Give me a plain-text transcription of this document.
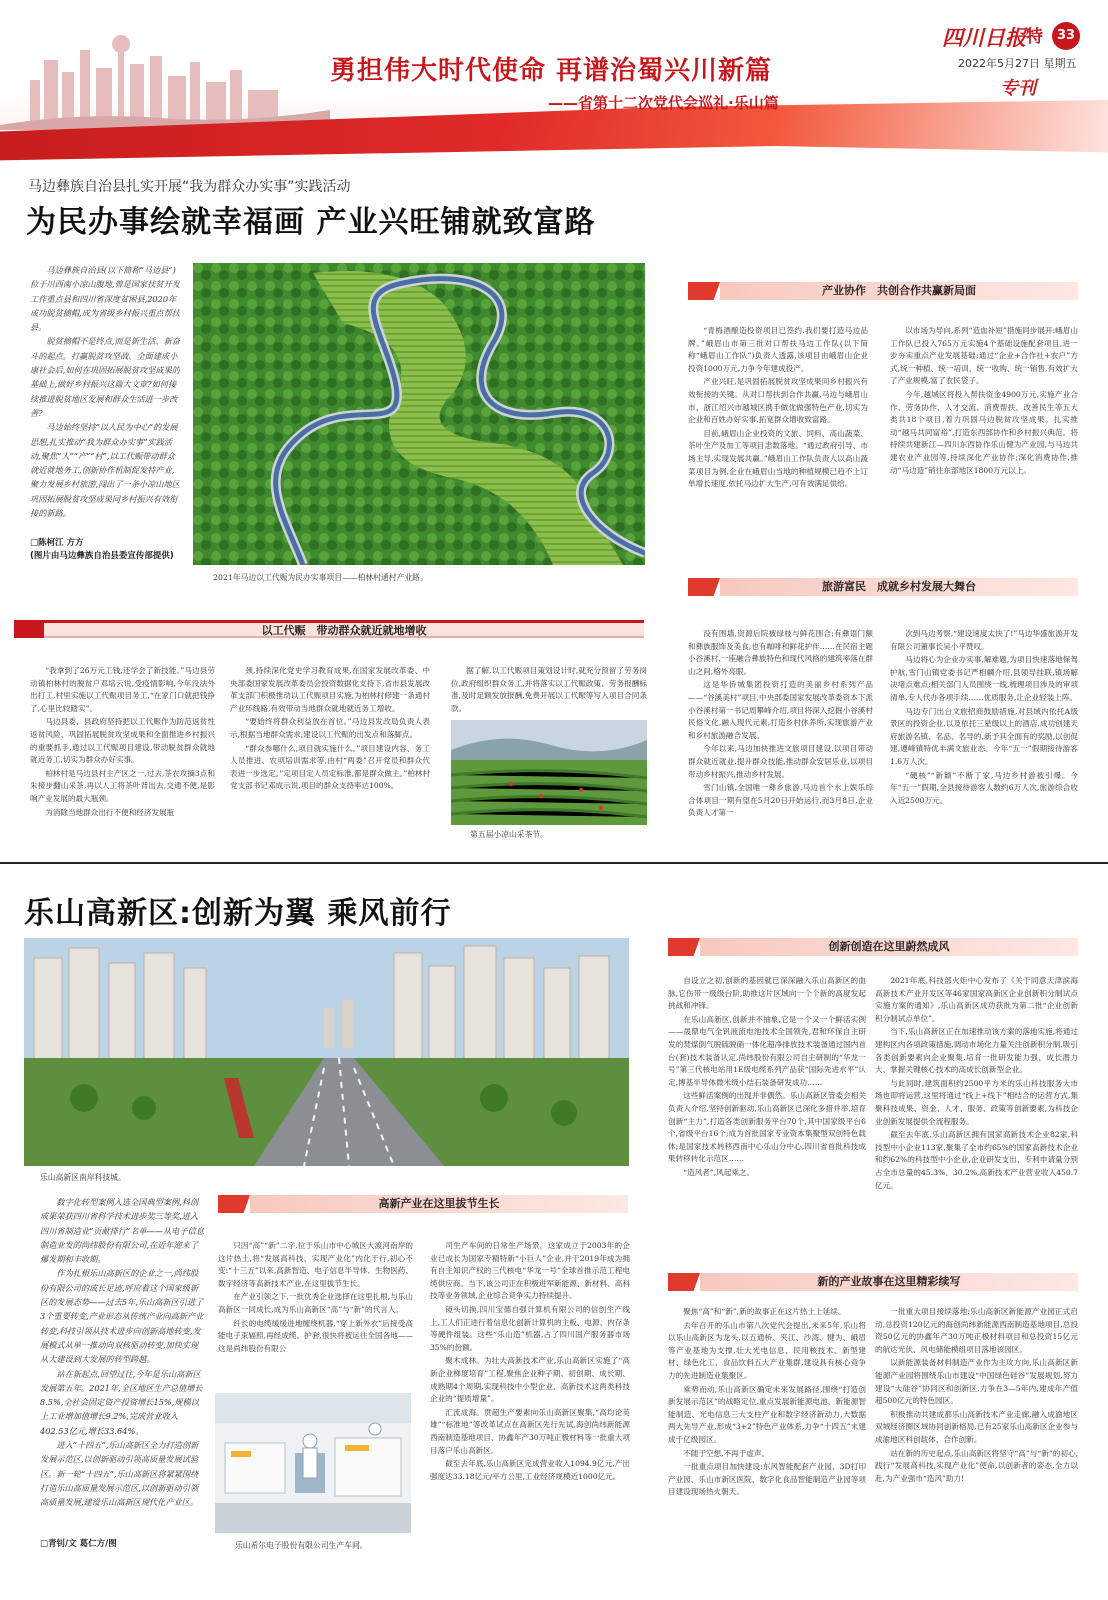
勇担伟大时代使命 再谱治蜀兴川新篇
——省第十二次党代会巡礼·乐山篇
四川日报 特	33
2022年5月27日 星期五
专刊
马边彝族自治县扎实开展“我为群众办实事”实践活动
为民办事绘就幸福画 产业兴旺铺就致富路

马边彝族自治县(以下简称“马边县”)位于川西南小凉山腹地,曾是国家扶贫开发工作重点县和四川省深度贫困县,2020年成功脱贫摘帽,成为省级乡村振兴重点帮扶县。

脱贫摘帽不是终点,而是新生活、新奋斗的起点。打赢脱贫攻坚战、全面建成小康社会后,如何在巩固拓展脱贫攻坚成果的基础上,做好乡村振兴这篇大文章?如何接续推进脱贫地区发展和群众生活进一步改善?

马边始终坚持“以人民为中心”的发展思想,扎实推动“我为群众办实事”实践活动,聚焦“人”“产”“村”,以工代赈带动群众就近就地务工,创新协作机制促发特产业,聚力发展乡村旅游,闯出了一条小凉山地区巩固拓展脱贫攻坚成果同乡村振兴有效衔接的新路。

□陈柯江 方方
(图片由马边彝族自治县委宣传部提供)
2021年马边以工代赈为民办实事项目——柏林村通村产业路。
产业协作　共创合作共赢新局面

“青梅酒酿造投资项目已签约,我们要打造马边品牌。”峨眉山市第三批对口帮扶马边工作队(以下简称“峨眉山工作队”)负责人透露,该项目由峨眉山企业投资1000万元,力争今年建成投产。

产业兴旺,是巩固拓展脱贫攻坚成果同乡村振兴有效衔接的关键。从对口帮扶到合作共赢,马边与峨眉山市、浙江绍兴市越城区携手做优做强特色产业,切实为企业和百姓办好实事,拓宽群众增收致富路。

目前,峨眉山企业投资的文旅、饲料、高山蔬菜、茶叶生产及加工等项目恚数落地。“通过政府引导、市场主导,实现发展共赢。”峨眉山工作队负责人以高山蔬菜项目为例,企业在峨眉山当地的种植规模已趋不上订单增长速度,依托马边扩大生产,可有效满足供给。

以市场为导向,系列“造血补短”措施同步展开:峨眉山工作队已投入765万元实施4个基础设施配套项目,进一步夯实重点产业发展基础;通过“企业+合作社+农户”方式,统一种植、统一培训、统一收购、统一销售,有效扩大了产业规模,富了农民袋子。

今年,越城区将投入帮扶资金4900万元,实施产业合作、劳务协作、人才交流、消费帮扶、改善民生等五大类共18个项目,着力巩固马边脱贫攻坚成果。扎实推动“越马共同富裕”,打造东西部协作和乡村振兴典范。将持续共建新江—四川东西协作乐山健为产业园,与马边共建农业产业园等,持续深化产业协作;深化消费协作,推动“马边造”销往东部地区1800万元以上。

以工代赈　带动群众就近就地增收

“我拿到了26万元工钱,还学会了新技能。”马边县劳动镇柏林村的脱贫户邓培云说,受疫情影响,今年没法外出打工,村里实施以工代赈项目务工,“在家门口就把钱挣了,心里比较踏实”。

马边县委、县政府坚持把以工代赈作为防范返贫性返贫风险、巩固拓展脱贫攻坚成果和全面推进乡村振兴的重要抓手,通过以工代赈项目建设,带动脱贫群众就地就近务工,切实为群众办好实事。

柏林村是马边县村主产区之一,过去,茶农攻摘3点和朱接步翻山采茶,再以人工将茶叶背出去,交通不便,是影响产业发展的最大瓶颈。

为消除当地群众出行不便和经济发展瓶

颈,持续深化党史学习教育成果,在国家发展改革委、中央部委国家发展改革委员会投资数据化支持下,省市县发展改革支部门积极推动以工代赈项目实施,为柏林村修建一条通村产业环线路,有效带动当地群众就地就近务工增收。

“要始终将群众利益放在首位。”马边县发改局负责人表示,根据当地群众需求,建设以工代赈的出发点和落脚点。

“群众参哪什么,项目就实施什么。”项目建设内容、务工人员推进、农项培训需求等,由村“两委”召开党员和群众代表进一步选定。”定项目定人员定标准,都是群众做主。”柏林村党支部书记邓成示说,项目的群众支持率达100%。

据了解,以工代赈项目策划设计时,就充分预留了劳务岗位,政府组织群众务工,并将落实以工代赈政策、劳务报酬标准,及时足额发放报酬,免费开展以工代赈等写入项目合同条款。

第五届小凉山采茶节。
旅游富民　成就乡村发展大舞台

没有围墙,资源后院被绿枝与鲜花围合;有彝语门额和彝族服饰及美食,也有咖啡和鲜花护伴……在民宿主题小谷溪村,一座融合彝族特色和现代风格的建筑率落在群山之间,格外亮眼。

这是华侨城集团投资打造的美丽乡村系列产品——“谷溪美村”项目,中央部委国家发展改革委资本下派小谷溪村第一书记周攀峰介绍,项目将深入挖掘小谷溪村民俗文化,融入现代元素,打造乡村休养所,实现旅游产业和乡村旅游融合发展。

今年以来,马边加快推进文旅项目建设,以项目带动群众就近就业,提升群众技能,推动群众安居乐业,以项目带动乡村振兴,推动乡村发展。

雪门山镇,全国唯一彝乡旅游,马边首个水上娱乐综合体项目一期有望在5月20日开始运行,而3月8日,企业负责人才第一

次到马边考察,“建设速度太快了!”马边华盛旅游开发有限公司董事长吴小平赞叹。

马边将心为企业办实事,解难题,为项目快速落地保驾护航,雪门山镇党委书记严相麟介绍,县领导挂联,镇场解决堵点难点;相关部门人员围绕一线,梳理项目涉及的审项清单,专人代办各项手续……优质服务,让企业轻装上阵。

马边专门出台文旅招商鼓励措施,对县域内依托A级景区的投资企业,以及依托三星级以上的酒店,成功创建天府旅游名镇、名品、名导的,新予其全面有的奖励,以创促建,遵峰镇特优丰满文旅业态。今年“五一”假期接待游客1.6万人次。

“硬核”“新颖”不断丁家,马边乡村游被引爆。今年“五一”假期,全县接待游客人数约6万人次,旅游综合收入近2500万元。

乐山高新区:创新为翼 乘风前行
乐山高新区南岸科技城。

数字化转型案例入选全国典型案例,科创成果荣获四川省科学技术进步奖三等奖,进入四川省制造业“贡献排行”名单——从电子信息制造业发的尚纬股份有限公司,在近年迎来了爆发期和丰收期。

作为扎根乐山高新区的企业之一,尚纬股份有限公司的成长足迹,呼应着这个国家级新区的发展态势——过去5年,乐山高新区引进了3个重要转变,产业形态从传统产业向高新产业转变,科技引领从技术进步向创新高地转变,发展模式从单一推动向双核驱动转变,加快实现从大建设到大发展的转型跨越。

站在新起点,回望过往,今年是乐山高新区发展第五年。2021年,全区地区生产总值增长8.5%,全社会固定资产投资增长15%,规模以上工业增加值增长9.2%,完成营业收入402.53亿元,增长33.64%。

进入“十四五”,乐山高新区全力打造创新发展示范区,以创新驱动引领高质量发展试验区。新一轮“十四五”,乐山高新区将紧紧围绕打造乐山高质量发展示范区,以创新驱动引领高质量发展,建设乐山高新区现代化产业区。

□青钊/文 葛仁方/图
创新创造在这里蔚然成风

自设立之初,创新的基因就已深深融入乐山高新区的血脉,它伤带一级级台阶,助推这片区域向一个个新的高度发起挑战和冲锋。

在乐山高新区,创新并不抽象,它是一个又一个鲜活实例——晟鼎电气全钒液流电池技术全国领先,君和环保自主研发的焚煤倒气脱硫脱硝一体化超净排放技术装备通过国内首台(套)技术装备认定,尚纬股份有限公司自主研制的“华龙一号”第三代核电站用1E级电缆系列产品获“国际先进水平”认定,博基半导体微米级小结石装备研发成功……

这些鲜活案例的出现并非偶然。乐山高新区管委会相关负责人介绍,坚持创新驱动,乐山高新区已深化多措并举,培育创新“主力”,打造各类创新服务平台70个,其中国家级平台6个,省级平台16个;成为首批国家专业资本集聚型双创特色载体;是国家技术转移西南中心乐山分中心,四川省首批科技成果转移转化示范区……

“造风者”,风起乘之。

2021年底,科技部火炬中心发布了《关于同意天津滨海高新技术产业开发区等46家国家高新区企业创新积分制试点实施方案的通知》,乐山高新区成功获批为第二批“企业创新积分制试点单位”。

当下,乐山高新区正在加速推动该方案的落地实施,将通过建构区内各项政策措施,调动市场化力量关注创新积分制,吸引各类创新要素向企业聚集,培育一批研发能力强、成长潜力大、掌握关键核心技术的高成长创新型企业。

与此同时,建筑面积约2500平方米的乐山科技服务大市场也即将运营,这里将通过“线上+线下”相结合的运营方式,集聚科技成果、资金、人才、服务、政策等创新要素,为科技企业创新发展提供全流程服务。

截至去年底,乐山高新区拥有国家高新技术企业82家,科技型中小企业113家,聚集了全市约65%的国家高新技术企业和约62%的科技型中小企业,企业研发支出、专利申请量分别占全市总量的45.3%、30.2%,高新技术产业营业收入450.7亿元。

高新产业在这里拔节生长

只因“高”“新”二字,位于乐山市中心城区大渡河南岸的这片热土,将“发展高科技、实现产业化”内化于行,初心不变:“十三五”以来,高新智造、电子信息半导体、生物医药、数字经济等高新技术产业,在这里拔节生长。

在产业引领之下,一批优秀企业选择在这里扎根,与乐山高新区一同成长,成为乐山高新区“高”与“新”的代言人。

纤长的电缆缓缓进地缠绕机器,“穿上新外衣”后接受高能电子束辐照,再经成缆、护套,很快将被运往全国各地——这是尚纬股份有限公

乐山希尔电子股份有限公司生产车间。

司生产车间的日常生产场景。这家成立于2003年的企业已成长为国家专精特新“小巨人”企业,并于2019年成为拥有自主知识产权的三代核电“华龙一号”全球首推示范工程电缆供应商。当下,该公司正在积极进军新能源、新材料、高科技等业务领域,企业综合竞争实力持续提升。

镜头切换,四川宝德自强计算机有限公司的信创生产线上,工人们正进行着信息化创新计算机的主板、电源、内存条等硬件组装。这些“乐山造”机器,占了四川国产服务器市场35%的份额。

聚木成林。为壮大高新技术产业,乐山高新区实施了“高新企业梯度培育”工程,聚焦企业种子期、初创期、成长期、成熟期4个周期,实现科技中小型企业、高新技术这两类科技企业的“提质增量”。

汇流成海。贯超生产要素向乐山高新区聚集,“高均论英雄”“标准地”等改革试点在高新区先行先试,海创尚纬新能源西南制造基地项目、协鑫年产30万吨正极材料等一批重大项目落户乐山高新区。

截至去年底,乐山高新区完成营业收入1094.9亿元,产出强度达33.18亿元/平方公里,工业经济规模近1000亿元。

新的产业故事在这里精彩续写

聚焦“高”和“新”,新的故事正在这片热土上延续。

去年召开的乐山市第八次党代会提出,未来5年,乐山将以乐山高新区为龙头,以五通桥、夹江、沙湾、犍为、峨眉等产业基地为支撑,壮大光电信息、民用核技术、新型建材、绿色化工、食品饮料五大产业集群,建设具有核心竞争力的先进制造业集聚区。

乘势而动,乐山高新区确定未来发展路径,围绕“打造创新发展示范区”的战略定位,重点发展新能源电池、新能源智能制造、光电信息三大支柱产业和数字经济新动力,大数据两大先导产业,形成“3+2”特色产业体系,力争“十四五”末建成千亿级园区。

不随于空想,不再于虚声。

一批重点项目加快建设:东风智能配套产业园、3D打印产业园、乐山市新区医院、数字化食品智能制造产业园等项目建设现场热火朝天。

一批重大项目接续落地:乐山高新区新能源产业园正式启动,总投资120亿元的海创尚纬新能源西南制造基地项目,总投资50亿元的协鑫年产30万吨正极材料项目和总投资15亿元的航达光伏、风电储能模组项目落地该园区。

以新能源装备材料制造产业作为主攻方向,乐山高新区新能源产业园将围绕乐山市建设“中国绿色硅谷”发展规划,努力建设“大硅谷”协同区和创新区,力争在3—5年内,建成年产值超500亿元的特色园区。

积极推动共建成都乐山高新技术产业走廊,融入成渝地区双城经济圈区域协同创新格局,已有25家乐山高新区企业参与成渝地区科创载体、合作创新。

站在新的历史起点,乐山高新区将坚守“高”与“新”的初心,践行“发展高科技,实现产业化”使命,以创新者的姿态,全力以赴,为产业强市“造风”助力!
